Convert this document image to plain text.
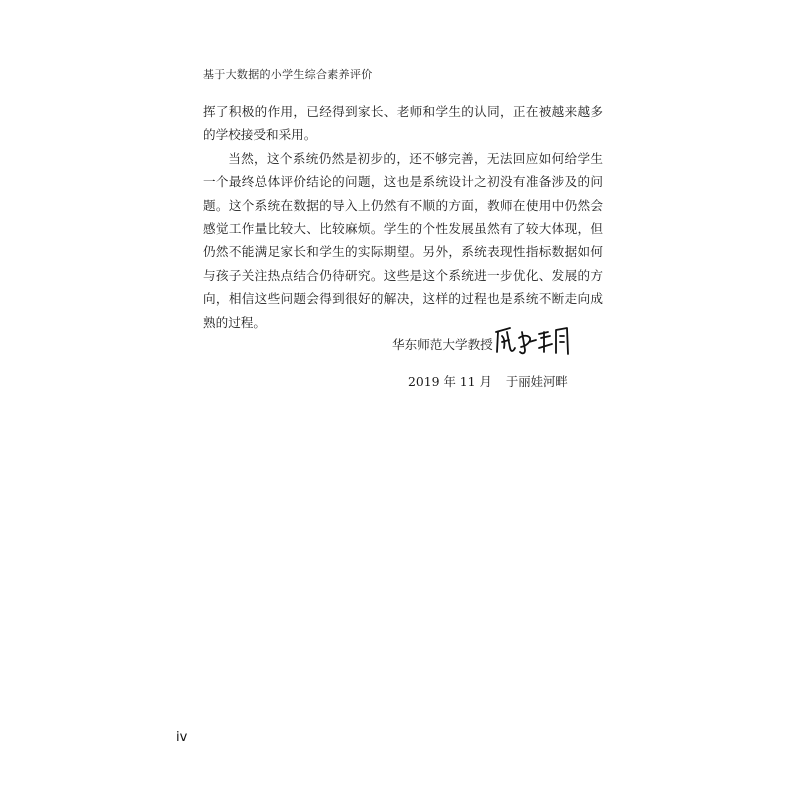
基于大数据的小学生综合素养评价

挥了积极的作用，已经得到家长、老师和学生的认同，正在被越来越多的学校接受和采用。

当然，这个系统仍然是初步的，还不够完善，无法回应如何给学生一个最终总体评价结论的问题，这也是系统设计之初没有准备涉及的问题。这个系统在数据的导入上仍然有不顺的方面，教师在使用中仍然会感觉工作量比较大、比较麻烦。学生的个性发展虽然有了较大体现，但仍然不能满足家长和学生的实际期望。另外，系统表现性指标数据如何与孩子关注热点结合仍待研究。这些是这个系统进一步优化、发展的方向，相信这些问题会得到很好的解决，这样的过程也是系统不断走向成熟的过程。

华东师范大学教授
2019 年 11 月 于丽娃河畔
iv
